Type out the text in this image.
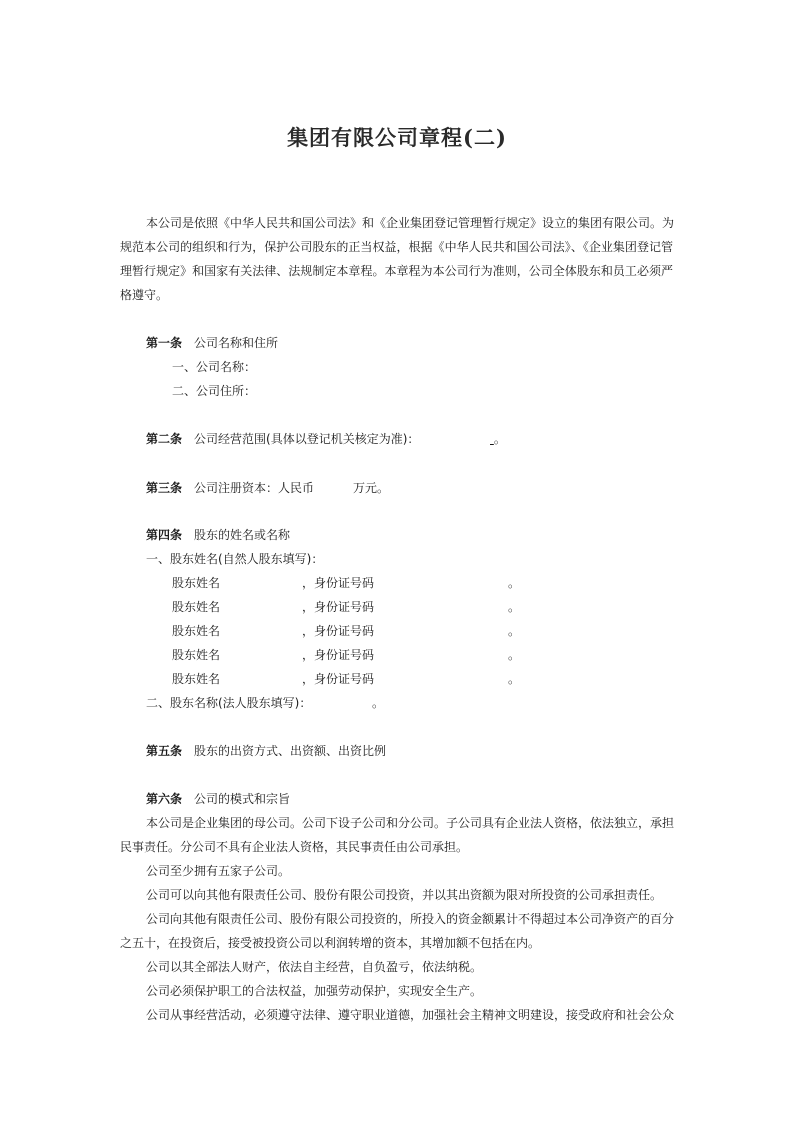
集团有限公司章程(二)
本公司是依照《中华人民共和国公司法》和《企业集团登记管理暂行规定》设立的集团有限公司。为
规范本公司的组织和行为，保护公司股东的正当权益，根据《中华人民共和国公司法》、《企业集团登记管
理暂行规定》和国家有关法律、法规制定本章程。本章程为本公司行为准则，公司全体股东和员工必须严
格遵守。
第一条 公司名称和住所
一、公司名称：
二、公司住所：
第二条 公司经营范围(具体以登记机关核定为准)：	​ 。
第三条 公司注册资本：人民币	万元。
第四条 股东的姓名或名称
一、股东姓名(自然人股东填写)：
股东姓名	，身份证号码	。
股东姓名	，身份证号码	。
股东姓名	，身份证号码	。
股东姓名	，身份证号码	。
股东姓名	，身份证号码	。
二、股东名称(法人股东填写)：	。
第五条 股东的出资方式、出资额、出资比例
第六条 公司的模式和宗旨
本公司是企业集团的母公司。公司下设子公司和分公司。子公司具有企业法人资格，依法独立，承担
民事责任。分公司不具有企业法人资格，其民事责任由公司承担。
公司至少拥有五家子公司。
公司可以向其他有限责任公司、股份有限公司投资，并以其出资额为限对所投资的公司承担责任。
公司向其他有限责任公司、股份有限公司投资的，所投入的资金额累计不得超过本公司净资产的百分
之五十，在投资后，接受被投资公司以利润转增的资本，其增加额不包括在内。
公司以其全部法人财产，依法自主经营，自负盈亏，依法纳税。
公司必须保护职工的合法权益，加强劳动保护，实现安全生产。
公司从事经营活动，必须遵守法律、遵守职业道德，加强社会主精神文明建设，接受政府和社会公众
